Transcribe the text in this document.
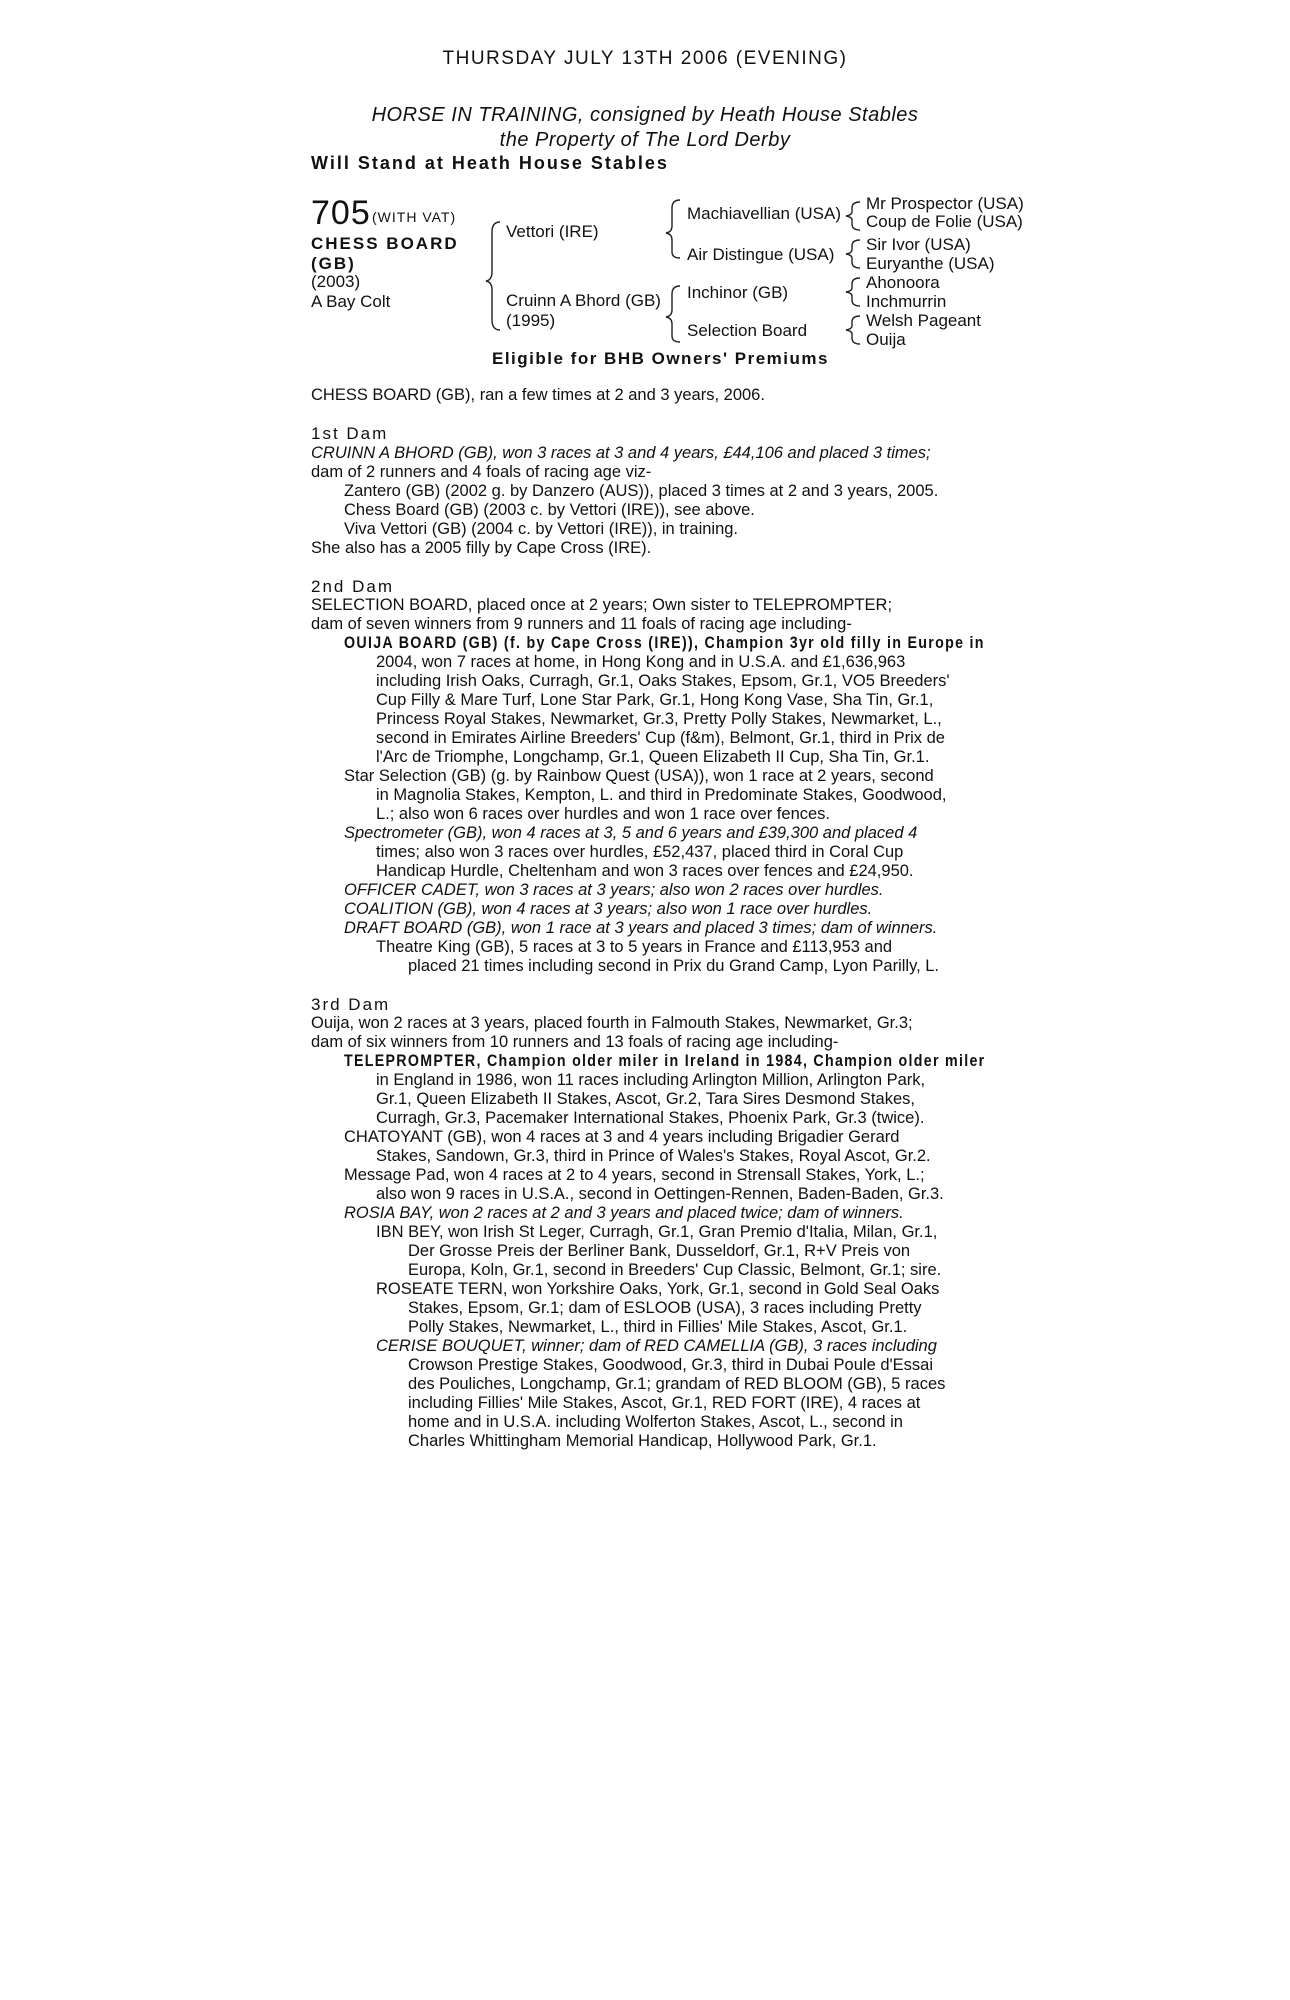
THURSDAY JULY 13TH 2006 (EVENING)
HORSE IN TRAINING, consigned by Heath House Stables
the Property of The Lord Derby
Will Stand at Heath House Stables
705 (WITH VAT)
CHESS BOARD (GB)
(2003)
A Bay Colt
Vettori (IRE)
Cruinn A Bhord (GB)
(1995)
Machiavellian (USA)
Air Distingue (USA)
Inchinor (GB)
Selection Board
Mr Prospector (USA)
Coup de Folie (USA)
Sir Ivor (USA)
Euryanthe (USA)
Ahonoora
Inchmurrin
Welsh Pageant
Ouija
Eligible for BHB Owners' Premiums
CHESS BOARD (GB), ran a few times at 2 and 3 years, 2006.
1st Dam
CRUINN A BHORD (GB), won 3 races at 3 and 4 years, £44,106 and placed 3 times;
dam of 2 runners and 4 foals of racing age viz-
Zantero (GB) (2002 g. by Danzero (AUS)), placed 3 times at 2 and 3 years, 2005.
Chess Board (GB) (2003 c. by Vettori (IRE)), see above.
Viva Vettori (GB) (2004 c. by Vettori (IRE)), in training.
She also has a 2005 filly by Cape Cross (IRE).
2nd Dam
SELECTION BOARD, placed once at 2 years; Own sister to TELEPROMPTER;
dam of seven winners from 9 runners and 11 foals of racing age including-
OUIJA BOARD (GB) (f. by Cape Cross (IRE)), Champion 3yr old filly in Europe in
2004, won 7 races at home, in Hong Kong and in U.S.A. and £1,636,963
including Irish Oaks, Curragh, Gr.1, Oaks Stakes, Epsom, Gr.1, VO5 Breeders'
Cup Filly & Mare Turf, Lone Star Park, Gr.1, Hong Kong Vase, Sha Tin, Gr.1,
Princess Royal Stakes, Newmarket, Gr.3, Pretty Polly Stakes, Newmarket, L.,
second in Emirates Airline Breeders' Cup (f&m), Belmont, Gr.1, third in Prix de
l'Arc de Triomphe, Longchamp, Gr.1, Queen Elizabeth II Cup, Sha Tin, Gr.1.
Star Selection (GB) (g. by Rainbow Quest (USA)), won 1 race at 2 years, second
in Magnolia Stakes, Kempton, L. and third in Predominate Stakes, Goodwood,
L.; also won 6 races over hurdles and won 1 race over fences.
Spectrometer (GB), won 4 races at 3, 5 and 6 years and £39,300 and placed 4
times; also won 3 races over hurdles, £52,437, placed third in Coral Cup
Handicap Hurdle, Cheltenham and won 3 races over fences and £24,950.
OFFICER CADET, won 3 races at 3 years; also won 2 races over hurdles.
COALITION (GB), won 4 races at 3 years; also won 1 race over hurdles.
DRAFT BOARD (GB), won 1 race at 3 years and placed 3 times; dam of winners.
Theatre King (GB), 5 races at 3 to 5 years in France and £113,953 and
placed 21 times including second in Prix du Grand Camp, Lyon Parilly, L.
3rd Dam
Ouija, won 2 races at 3 years, placed fourth in Falmouth Stakes, Newmarket, Gr.3;
dam of six winners from 10 runners and 13 foals of racing age including-
TELEPROMPTER, Champion older miler in Ireland in 1984, Champion older miler
in England in 1986, won 11 races including Arlington Million, Arlington Park,
Gr.1, Queen Elizabeth II Stakes, Ascot, Gr.2, Tara Sires Desmond Stakes,
Curragh, Gr.3, Pacemaker International Stakes, Phoenix Park, Gr.3 (twice).
CHATOYANT (GB), won 4 races at 3 and 4 years including Brigadier Gerard
Stakes, Sandown, Gr.3, third in Prince of Wales's Stakes, Royal Ascot, Gr.2.
Message Pad, won 4 races at 2 to 4 years, second in Strensall Stakes, York, L.;
also won 9 races in U.S.A., second in Oettingen-Rennen, Baden-Baden, Gr.3.
ROSIA BAY, won 2 races at 2 and 3 years and placed twice; dam of winners.
IBN BEY, won Irish St Leger, Curragh, Gr.1, Gran Premio d'Italia, Milan, Gr.1,
Der Grosse Preis der Berliner Bank, Dusseldorf, Gr.1, R+V Preis von
Europa, Koln, Gr.1, second in Breeders' Cup Classic, Belmont, Gr.1; sire.
ROSEATE TERN, won Yorkshire Oaks, York, Gr.1, second in Gold Seal Oaks
Stakes, Epsom, Gr.1; dam of ESLOOB (USA), 3 races including Pretty
Polly Stakes, Newmarket, L., third in Fillies' Mile Stakes, Ascot, Gr.1.
CERISE BOUQUET, winner; dam of RED CAMELLIA (GB), 3 races including
Crowson Prestige Stakes, Goodwood, Gr.3, third in Dubai Poule d'Essai
des Pouliches, Longchamp, Gr.1; grandam of RED BLOOM (GB), 5 races
including Fillies' Mile Stakes, Ascot, Gr.1, RED FORT (IRE), 4 races at
home and in U.S.A. including Wolferton Stakes, Ascot, L., second in
Charles Whittingham Memorial Handicap, Hollywood Park, Gr.1.
